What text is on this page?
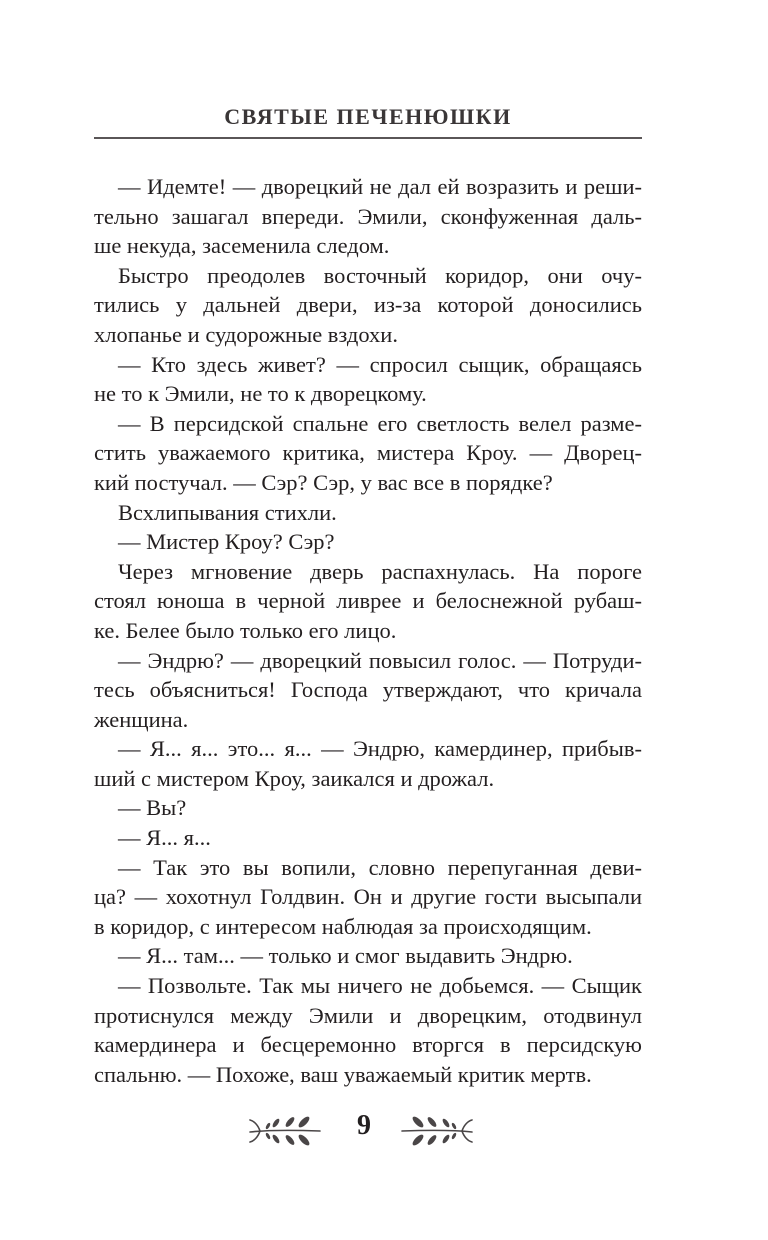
СВЯТЫЕ ПЕЧЕНЮШКИ

— Идемте! — дворецкий не дал ей возразить и реши-
тельно зашагал впереди. Эмили, сконфуженная даль-
ше некуда, засеменила следом.

Быстро преодолев восточный коридор, они очу-
тились у дальней двери, из-за которой доносились
хлопанье и судорожные вздохи.

— Кто здесь живет? — спросил сыщик, обращаясь
не то к Эмили, не то к дворецкому.

— В персидской спальне его светлость велел разме-
стить уважаемого критика, мистера Кроу. — Дворец-
кий постучал. — Сэр? Сэр, у вас все в порядке?

Всхлипывания стихли.

— Мистер Кроу? Сэр?

Через мгновение дверь распахнулась. На пороге
стоял юноша в черной ливрее и белоснежной рубаш-
ке. Белее было только его лицо.

— Эндрю? — дворецкий повысил голос. — Потруди-
тесь объясниться! Господа утверждают, что кричала
женщина.

— Я... я... это... я... — Эндрю, камердинер, прибыв-
ший с мистером Кроу, заикался и дрожал.

— Вы?

— Я... я...

— Так это вы вопили, словно перепуганная деви-
ца? — хохотнул Голдвин. Он и другие гости высыпали
в коридор, с интересом наблюдая за происходящим.

— Я... там... — только и смог выдавить Эндрю.

— Позвольте. Так мы ничего не добьемся. — Сыщик
протиснулся между Эмили и дворецким, отодвинул
камердинера и бесцеремонно вторгся в персидскую
спальню. — Похоже, ваш уважаемый критик мертв.

9
